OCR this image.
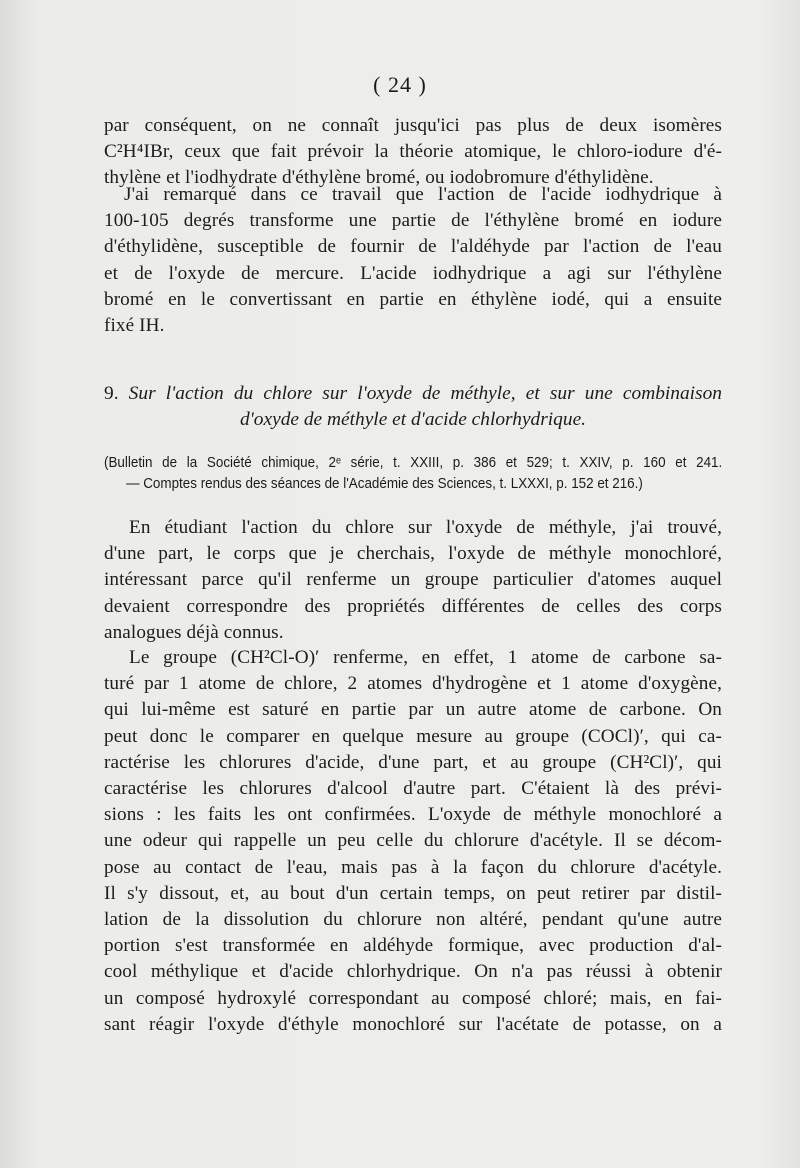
( 24 )
par conséquent, on ne connaît jusqu'ici pas plus de deux isomères
C²H⁴IBr, ceux que fait prévoir la théorie atomique, le chloro-iodure d'é-
thylène et l'iodhydrate d'éthylène bromé, ou iodobromure d'éthylidène.
J'ai remarqué dans ce travail que l'action de l'acide iodhydrique à
100-105 degrés transforme une partie de l'éthylène bromé en iodure
d'éthylidène, susceptible de fournir de l'aldéhyde par l'action de l'eau
et de l'oxyde de mercure. L'acide iodhydrique a agi sur l'éthylène
bromé en le convertissant en partie en éthylène iodé, qui a ensuite
fixé IH.
9. Sur l'action du chlore sur l'oxyde de méthyle, et sur une combinaison
d'oxyde de méthyle et d'acide chlorhydrique.
(Bulletin de la Société chimique, 2ᵉ série, t. XXIII, p. 386 et 529; t. XXIV, p. 160 et 241.
— Comptes rendus des séances de l'Académie des Sciences, t. LXXXI, p. 152 et 216.)
En étudiant l'action du chlore sur l'oxyde de méthyle, j'ai trouvé,
d'une part, le corps que je cherchais, l'oxyde de méthyle monochloré,
intéressant parce qu'il renferme un groupe particulier d'atomes auquel
devaient correspondre des propriétés différentes de celles des corps
analogues déjà connus.
Le groupe (CH²Cl-O)′ renferme, en effet, 1 atome de carbone sa-
turé par 1 atome de chlore, 2 atomes d'hydrogène et 1 atome d'oxygène,
qui lui-même est saturé en partie par un autre atome de carbone. On
peut donc le comparer en quelque mesure au groupe (COCl)′, qui ca-
ractérise les chlorures d'acide, d'une part, et au groupe (CH²Cl)′, qui
caractérise les chlorures d'alcool d'autre part. C'étaient là des prévi-
sions : les faits les ont confirmées. L'oxyde de méthyle monochloré a
une odeur qui rappelle un peu celle du chlorure d'acétyle. Il se décom-
pose au contact de l'eau, mais pas à la façon du chlorure d'acétyle.
Il s'y dissout, et, au bout d'un certain temps, on peut retirer par distil-
lation de la dissolution du chlorure non altéré, pendant qu'une autre
portion s'est transformée en aldéhyde formique, avec production d'al-
cool méthylique et d'acide chlorhydrique. On n'a pas réussi à obtenir
un composé hydroxylé correspondant au composé chloré; mais, en fai-
sant réagir l'oxyde d'éthyle monochloré sur l'acétate de potasse, on a
